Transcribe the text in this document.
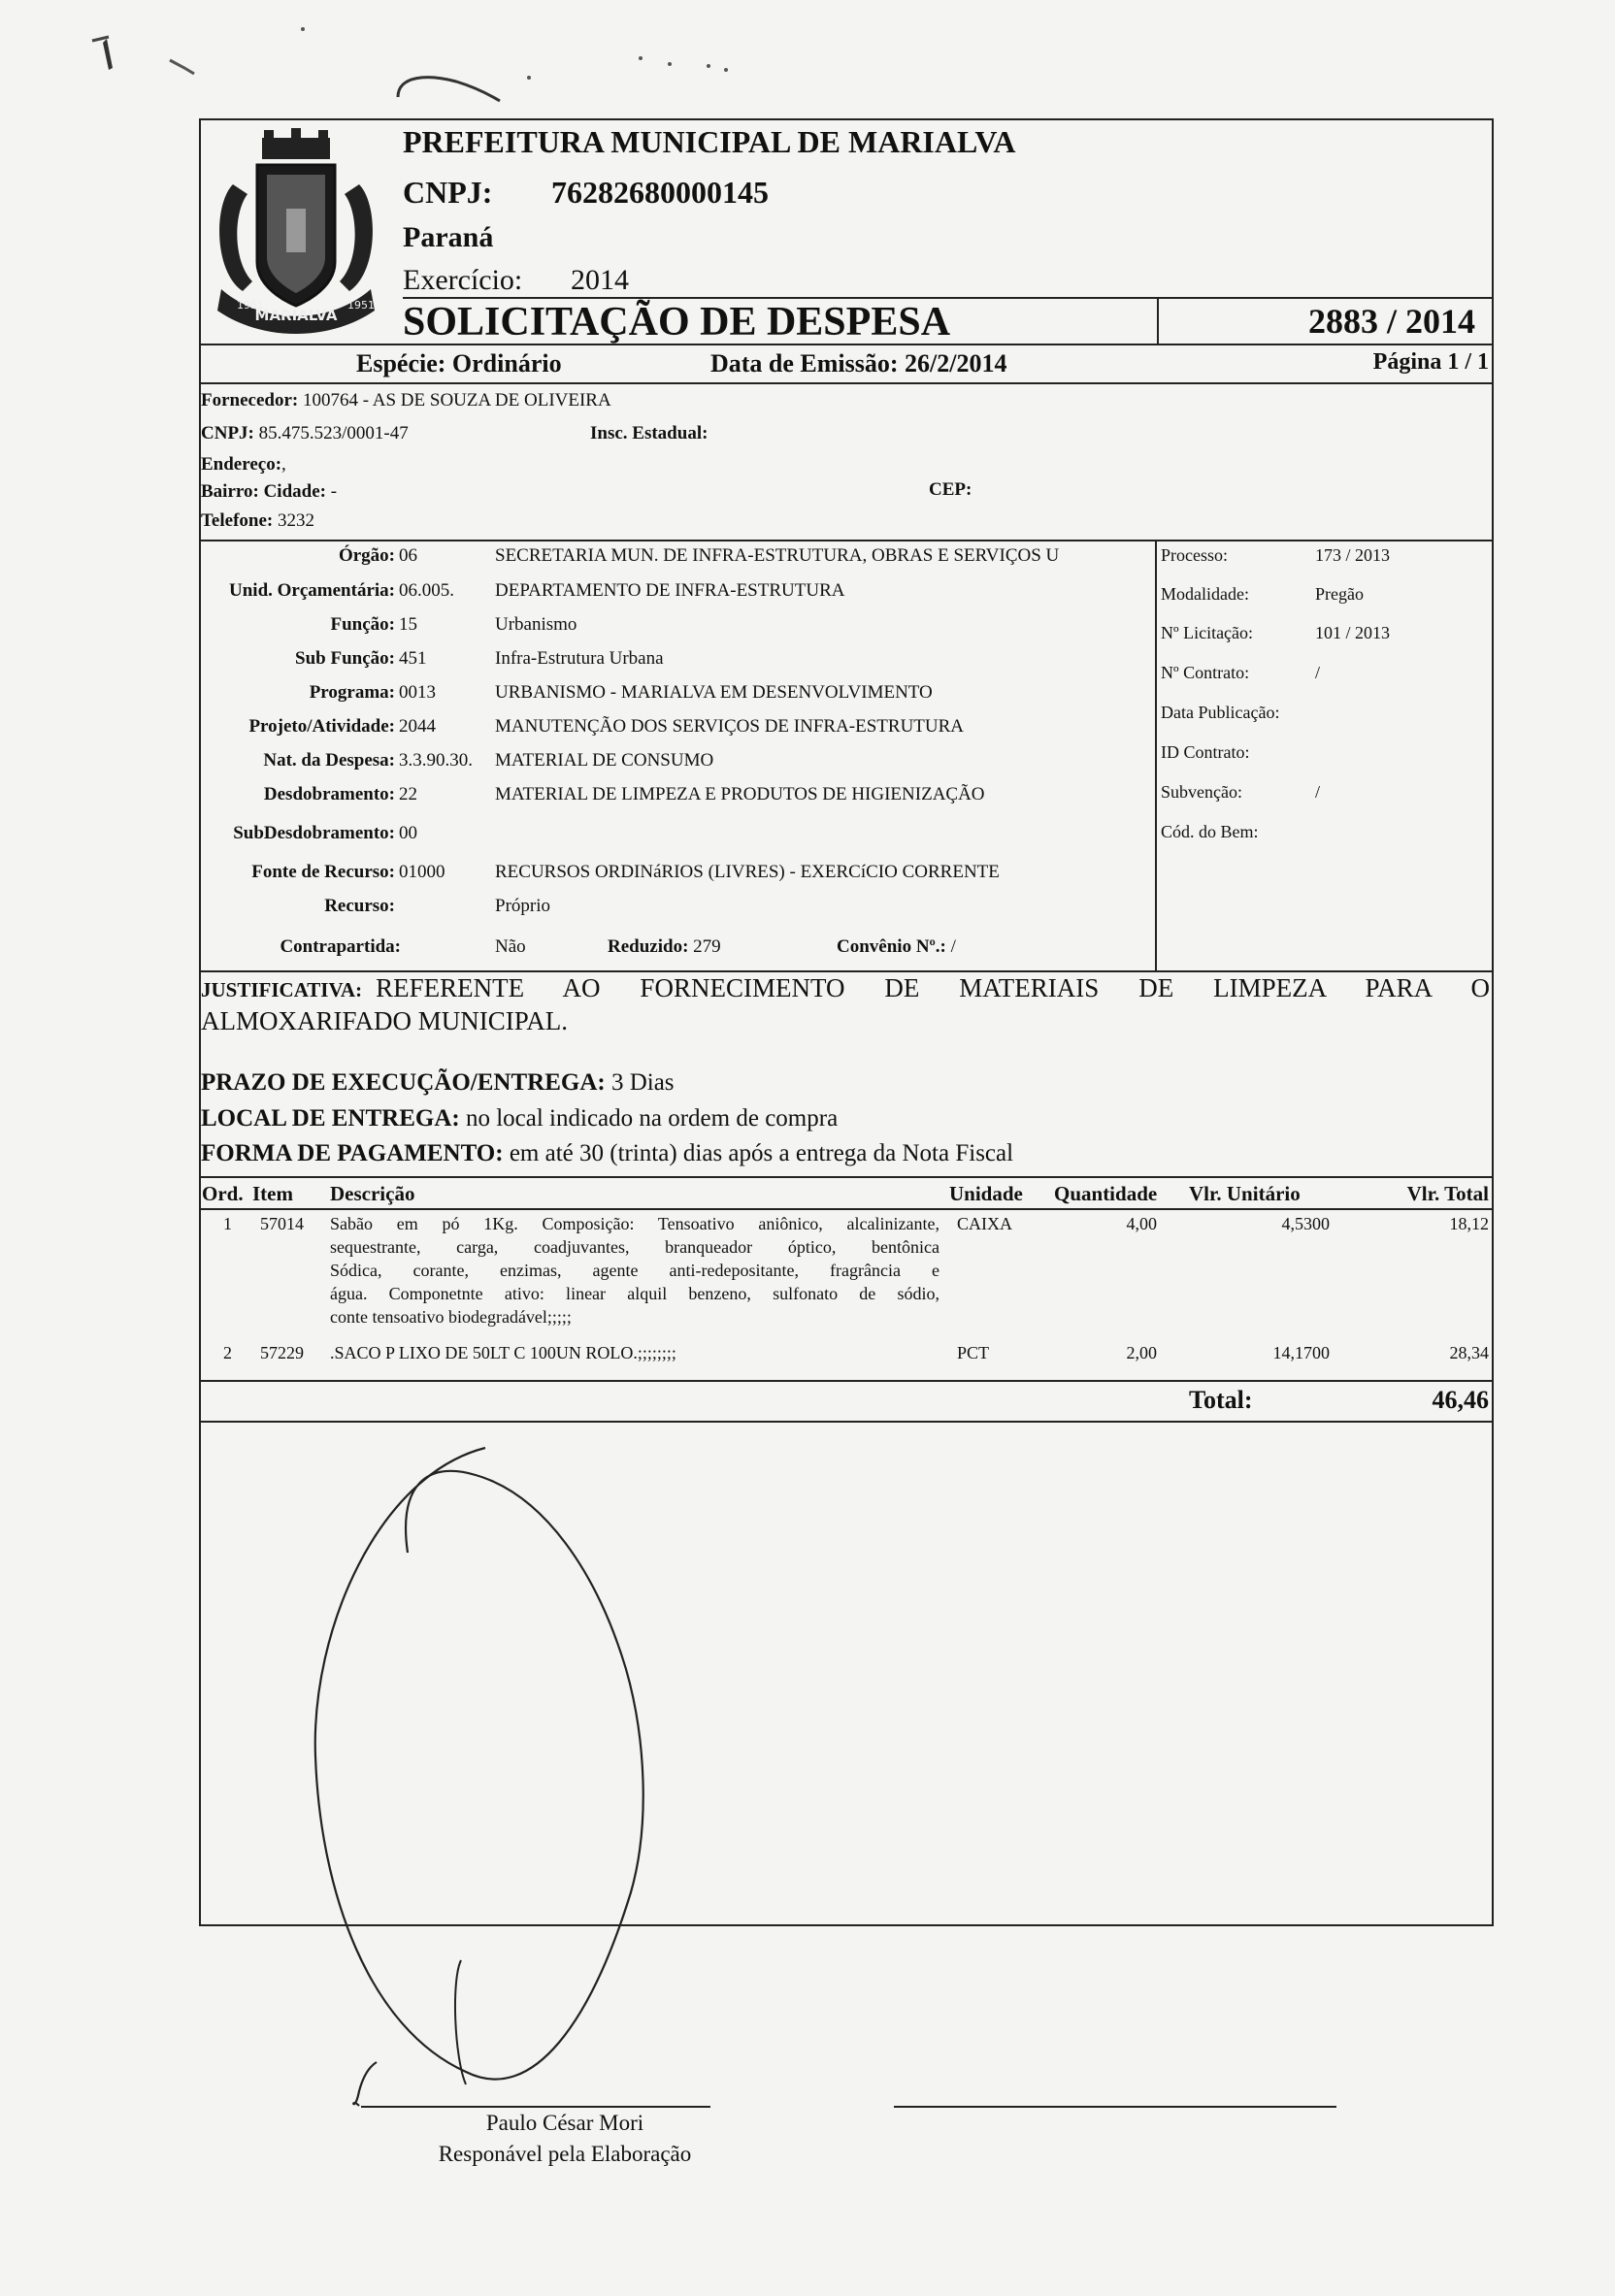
MARIALVA
1951	1951
PREFEITURA MUNICIPAL DE MARIALVA
CNPJ: 76282680000145
Paraná
Exercício: 2014
SOLICITAÇÃO DE DESPESA	2883 / 2014
Espécie: Ordinário	Data de Emissão: 26/2/2014	Página 1 / 1
Fornecedor: 100764 - AS DE SOUZA DE OLIVEIRA
CNPJ: 85.475.523/0001-47	Insc. Estadual:
Endereço:,
Bairro: Cidade: -	CEP:
Telefone: 3232
Órgão: 06	SECRETARIA MUN. DE INFRA-ESTRUTURA, OBRAS E SERVIÇOS U
Unid. Orçamentária: 06.005. DEPARTAMENTO DE INFRA-ESTRUTURA
Função: 15	Urbanismo
Sub Função: 451	Infra-Estrutura Urbana
Programa: 0013	URBANISMO - MARIALVA EM DESENVOLVIMENTO
Projeto/Atividade: 2044	MANUTENÇÃO DOS SERVIÇOS DE INFRA-ESTRUTURA
Nat. da Despesa: 3.3.90.30. MATERIAL DE CONSUMO
Desdobramento: 22	MATERIAL DE LIMPEZA E PRODUTOS DE HIGIENIZAÇÃO
SubDesdobramento: 00
Fonte de Recurso: 01000	RECURSOS ORDINáRIOS (LIVRES) - EXERCíCIO CORRENTE
Recurso:	Próprio
Processo:	173 / 2013
Modalidade:	Pregão
Nº Licitação:	101 / 2013
Nº Contrato:	/
Data Publicação:
ID Contrato:
Subvenção:	/
Cód. do Bem:
Contrapartida:	Não	Reduzido: 279	Convênio Nº.: /
JUSTIFICATIVA: REFERENTE AO FORNECIMENTO DE MATERIAIS DE LIMPEZA PARA O
ALMOXARIFADO MUNICIPAL.
PRAZO DE EXECUÇÃO/ENTREGA: 3 Dias
LOCAL DE ENTREGA: no local indicado na ordem de compra
FORMA DE PAGAMENTO: em até 30 (trinta) dias após a entrega da Nota Fiscal
Ord. Item Descrição	Unidade Quantidade Vlr. Unitário	Vlr. Total
1 57014 Sabão em pó 1Kg. Composição: Tensoativo aniônico, alcalinizante,
sequestrante, carga, coadjuvantes, branqueador óptico, bentônica
Sódica, corante, enzimas, agente anti-redepositante, fragrância e
água. Componetnte ativo: linear alquil benzeno, sulfonato de sódio,
conte tensoativo biodegradável;;;;;
CAIXA	4,00	4,5300	18,12
2 57229 .SACO P LIXO DE 50LT C 100UN ROLO.;;;;;;;;	PCT	2,00	14,1700	28,34
Total:	46,46
Paulo César Mori
Responável pela Elaboração
